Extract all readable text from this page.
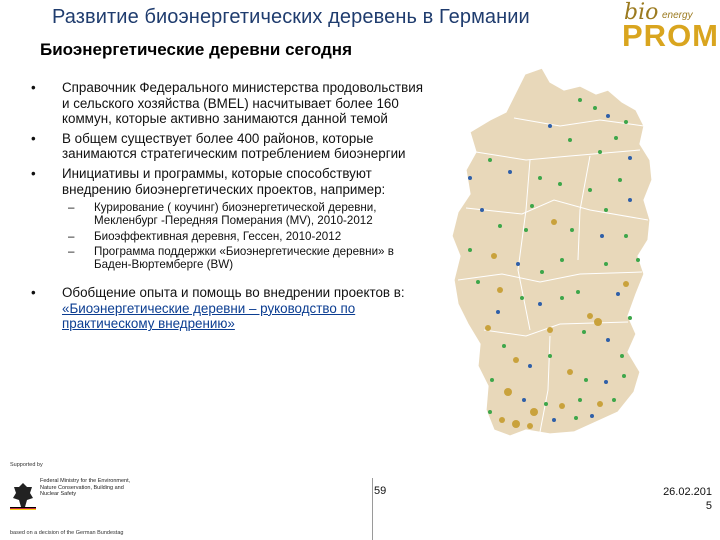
Развитие биоэнергетических деревень в Германии	bio energy
PROM
Биоэнергетические деревни сегодня
• Справочник Федерального министерства продовольствия и сельского хозяйства (BMEL) насчитывает более 160 коммун, которые активно занимаются данной темой
• В общем существует более 400 районов, которые занимаются стратегическим потреблением биоэнергии
• Инициативы и программы, которые способствуют внедрению биоэнергетических проектов, например:
– Курирование ( коучинг) биоэнергетической деревни, Мекленбург -Передняя Померания (MV), 2010-2012
– Биоэффективная деревня, Гессен, 2010-2012
– Программа поддержки «Биоэнергетические деревни» в Баден-Вюртемберге (BW)
• Обобщение опыта и помощь во внедрении проектов в: «Биоэнергетические деревни – руководство по практическому внедрению»
Supported by
Federal Ministry for the Environment, Nature Conservation, Building and Nuclear Safety
based on a decision of the German Bundestag
59	26.02.201
5
